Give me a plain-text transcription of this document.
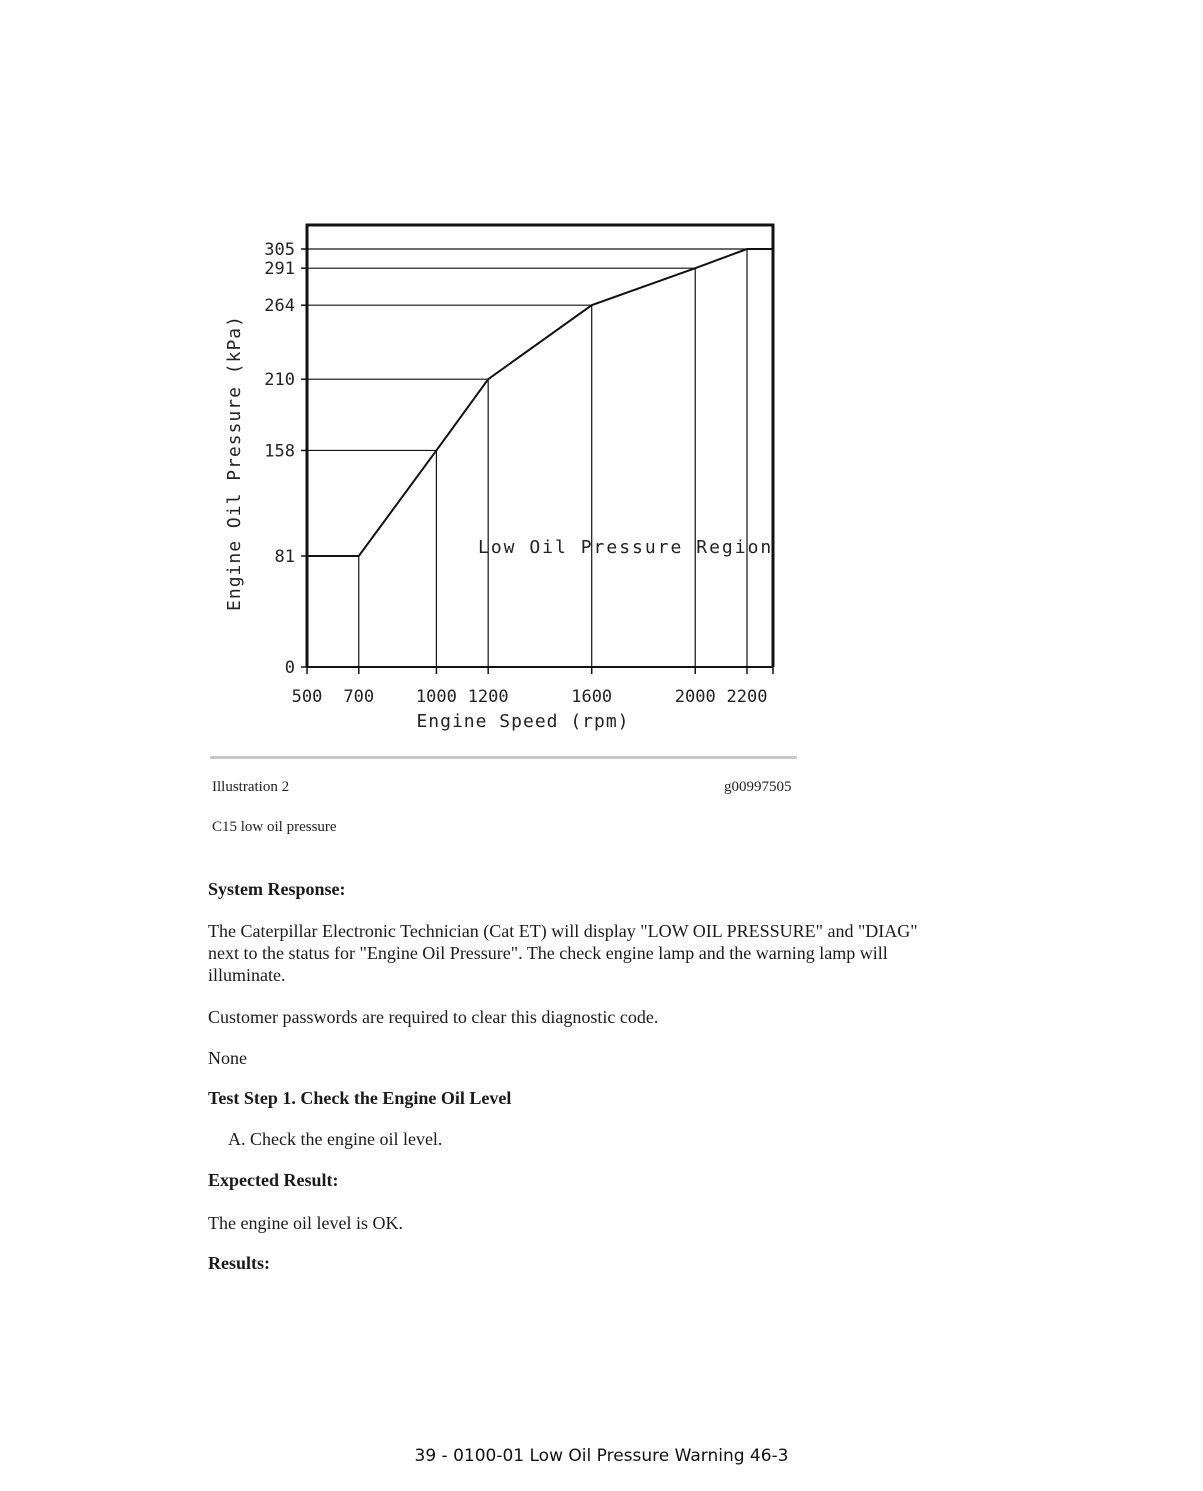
0
81
158
210
264
291
305
500 700 1000 1200	1600	2000 2200
Engine Oil Pressure (kPa)
Engine Speed (rpm)
Low Oil Pressure Region
Illustration 2	g00997505
C15 low oil pressure
System Response:
The Caterpillar Electronic Technician (Cat ET) will display "LOW OIL PRESSURE" and "DIAG"
next to the status for "Engine Oil Pressure". The check engine lamp and the warning lamp will
illuminate.
Customer passwords are required to clear this diagnostic code.
None
Test Step 1. Check the Engine Oil Level
A. Check the engine oil level.
Expected Result:
The engine oil level is OK.
Results:
39 - 0100-01 Low Oil Pressure Warning 46-3
